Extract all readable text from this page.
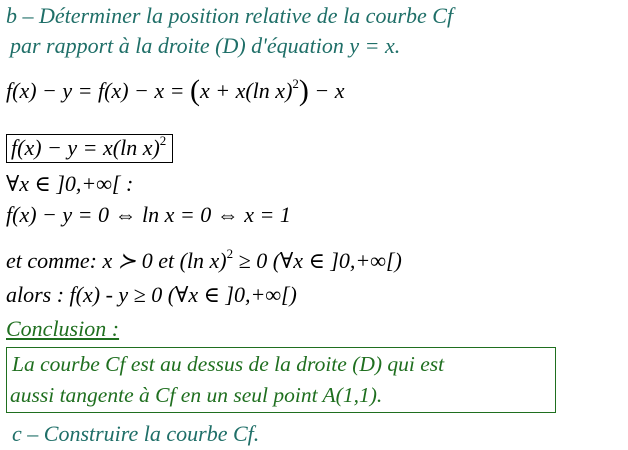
b – Déterminer la position relative de la courbe Cf
par rapport à la droite (D) d'équation y = x.
f(x) − y = f(x) − x = (x + x(ln x)$^2$) − x
f(x) − y = x(ln x)$^2$
∀x ∈ ]0,+∞[ :
f(x) − y = 0 ⇔ ln x = 0 ⇔ x = 1
et comme: x ≻ 0 et (ln x)$^2$ ≥ 0 (∀x ∈ ]0,+∞[)
alors : f(x) - y ≥ 0 (∀x ∈ ]0,+∞[)
Conclusion :
La courbe Cf est au dessus de la droite (D) qui est
aussi tangente à Cf en un seul point A(1,1).
c – Construire la courbe Cf.
